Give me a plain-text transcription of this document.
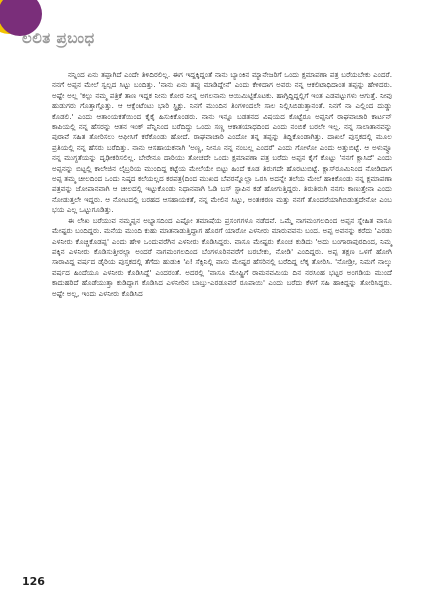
ಲಲಿತ ಪ್ರಬಂಧ

ನನ್ನಿಂದ ಏನು ತಪ್ಪಾಗಿದೆ ಎಂದೇ ತಿಳಿದಿರಲಿಲ್ಲ. ಈಗ ಇದ್ದಕ್ಕಿದ್ದಂತೆ ನಾನು ಬ್ಯಾಂಕಿನ ಮ್ಯಾನೇಜರಿಗೆ ಒಂದು ಕ್ಷಮಾಪಣಾ ಪತ್ರ ಬರೆಯಬೇಕು ಎಂದರೆ. ನನಗೆ ಅಪ್ಪನ ಮೇಲೆ ಸ್ವಲ್ಪದ ಸಿಟ್ಟು ಬಂದಿತ್ತು. 'ನಾನು ಏನು ತಪ್ಪು ಮಾಡಿದ್ದೇನೆ' ಎಂದು ಕೇಳಿದಾಗ ಅವರು ನನ್ನ ಆಕಲಿಟಾಧಿದಾಂತ ತಪ್ಪನ್ನು ಹೇಳಿದರು. ಅಷ್ಟೇ ಅಲ್ಲ 'ಕಲ್ಪು ನಮ್ಮ ಪತ್ರಿಕೆ ತಾಣ ಇದ್ದಕ ನೀನು ಕೋರ ನೀನ್ನ ಅಗಲನಾನು ಆಯಿಮಿಟ್ಟಿಕೊಟಕು. ಹಾಗ್ಗಿದ್ದಿದ್ದಲ್ಲಿಗೆ ಇಂತ ಎಡವಟ್ಟುಗಳು ಆಗುತ್ತೆ. ನೀವು ಹುಡುಗರು ಗೊತ್ತಾಗ್ಗೊತ್ತು. ಆ ಆಕ್ಸೆಂಟೆಂಟು ಭಾರಿ ಸ್ಟ್ರಿಕ್ಟು. ನಿನಗೆ ಮುಂದಿನ ತಿಂಗಳಿಂದಲೇ ಸಾಲ ನಿಲ್ಲಿಸಿಬಿಡುತ್ತಾನಂತೆ. ನಿನಗೆ ನಾ ಎಲ್ಲಿಂದ ದುಡ್ಡು ಕೊಡಲಿ.' ಎಂದು ಆತಾಂಯಕತೆಯಿಂದ ಕೈಕೈ ಹಿಸುಕಿಕೊಂಡರು. ನಾನು ಇನ್ನೂ ಬಡತನದ ವಿಷಯದ ಕೊಟ್ಟೆರೂ ಅಪ್ಪನಿಗೆ ರಾಘವಾಚಾರಿ ಕಾರ್ಟನ್ ಕಾಪಿಯಲ್ಲಿ ನನ್ನ ಹೆಸರನ್ನು ಆತನ ಇಂಕ್ ಪೆನ್ನಿನಿಂದ ಬರೆದಿದ್ದು ಒಂದು ಸಣ್ಣ ಆಕಾತಯಾಧದಿಂದ ಎಂದು ನಂಬಿಕೆ ಬರಲೇ ಇಲ್ಲ. ನನ್ನ ಸಾಲಾತಾನವನ್ನು ಪುರಾವೆ ಸಹಿತ ತೋರಿಸಲು ಆಫೀಸಿಗೆ ಕರೆಕೊಂಡು ಹೋದೆ. ರಾಘವಾಚಾರಿ ಎಂದೋ ತನ್ನ ತಪ್ಪನ್ನು ತಿದ್ದಿಕೊಂಡಾಗಿತ್ತು. ದಾಖಲೆ ಪುಸ್ತಕದಲ್ಲಿ ಮೂಲ ಪ್ರತಿಯಲ್ಲಿ ನನ್ನ ಹೆಸರು ಬರೆದಿತ್ತು. ನಾನು ಆಸಹಾಯಕನಾಗಿ 'ಅಣ್ಣ, ನೀನೂ ನನ್ನ ನಂಬಲ್ಲ ಎಂದರೆ' ಎಂದು ಗೋಳೋ ಎಂದು ಅತ್ತುಬಿಟ್ಟೆ. ಆ ಅಳುವ್ವೂ ನನ್ನ ಮುಗ್ಧತೆಯನ್ನು ದೃಢೀಕರಿಸಲಿಲ್ಲ. ಬೇರೇನೂ ದಾರಿಯು ತೋಚದೇ ಒಂದು ಕ್ಷಮಾಪಣಾ ಪತ್ರ ಬರೆದು ಅಪ್ಪನ ಕೈಗೆ ಕೊಟ್ಟು 'ನನಗೆ ಕ್ಲಾಸಿದೆ' ಎಂದು ಅಪ್ಪನನ್ನು ಬಿಟ್ಟಲ್ಲಿ ಕಾಲೇಜಿನ ಲೈಬ್ರರಿಯ ಮುಂದಿದ್ದ ಕಟ್ಟೆಯ ಮೇಲೆಯೇ ಬಿಟ್ಟು ಹಿಂದೆ ಕೂಡ ತಿರುಗದೇ ಹೊರಟುಬಿಟ್ಟೆ. ಕ್ಲಾಸ್‌ರೂಮಿನಿಂದ ನೋಡಿದಾಗ ಅಪ್ಪ ತಮ್ಮ ಚೀಲದಿಂದ ಒಂದು ನಿಷ್ಠದ ಕಲೆಯಲ್ಲದ ಕರಪತ್ರ(ದಿಂದ ಮುಖದ ಬೆವರನ್ನೊಲ್ಲಾ ಒರಸಿ ಅದನ್ನೇ ತಲೆಯ ಮೇಲೆ ಹಾಕಿಕೊಂಡು ನನ್ನ ಕ್ಷಮಾಪಣಾ ಪತ್ರವನ್ನು ಜೋಪಾನವಾಗಿ ಆ ಚೀಲದಲ್ಲಿ ಇಟ್ಟುಕೊಂಡು ನಿಧಾನವಾಗಿ ಓಡಿ ಬಸ್ ಸ್ಟಾಪಿನ ಕಡೆ ಹೋಗುತ್ತಿದ್ದರು. ತಿರುತಿರುಗಿ ನನಗು ಕಾಣುತ್ತೇನಾ ಎಂದು ನೋಡುತ್ತಲೇ ಇದ್ದರು. ಆ ನೋಟದಲ್ಲಿ ಬರಹದ ಆಸಹಾಯಕತೆ, ನನ್ನ ಮೇಲಿನ ಸಿಟ್ಟು, ಅಂತಃಕರಣ ಮತ್ತು ನನಗೆ ತೊಂದರೆಯಾಗಿಬಿಡುತ್ತದೇನೋ ಎಂಬ ಭಯ ಎಲ್ಲ ಒಟ್ಟುಗೂಡಿತ್ತು.

ಈ ಲೇಖ ಬರೆಯುವ ನಮ್ಮಪ್ಪನ ಅಭ್ಯಾಸದಿಂದ ಎಷ್ಟೋ ತಮಾಷೆಯ ಪ್ರಸಂಗಗಳೂ ನಡೆದವೆ. ಒಮ್ಮೆ ನಾಗಮಂಗಲದಿಂದ ಅಪ್ಪನ ಸ್ನೇಹಿತ ವಾಸೂ ಮೇಷ್ಟರು ಬಂದಿದ್ದರು. ಮನೆಯ ಮುಂದಿ ಕುಹು ಮಾತನಾಡುತ್ತಿದ್ದಾಗ ಹೊರಗೆ ಯಾರೋ ಎಳನೀರು ಮಾರುವವನು ಬಂದ. ಅಪ್ಪ ಅವನನ್ನು ಕರೆದು 'ಎರಡು ಎಳನೀರು ಕೊಚ್ಚಿಕೊಡಪ್ಪ' ಎಂದು ಹೇಳಿ ಒಂದುವರೆಗಿನ ಎಳನೀರು ಕೊಡಿಸಿದ್ದರು. ವಾಸೂ ಮೇಷ್ಟರು ಕೊಂಚ ಕುಡಿದು 'ಅದು ಬಂಗಾರಾಪುರದಿಂದ, ನಿಮ್ಮ ಪಕ್ಕಿನ ಎಳನೀರು ಕೊಡಿಸುತ್ತೀರಲ್ಲಾ ಅಂದರೆ ನಾಗಮಂಗಲದಿಂದ ಬೆಂಗಳೂರಿನವರೆಗೆ ಬರಬೇಕು, ನೋಡಿ' ಎಂದಿದ್ದರು. ಅಪ್ಪ ತಕ್ಷಣ ಒಳಗೆ ಹೋಗಿ ಸಾರಾವಿದ್ದ ವರ್ಷದ ಡೈರಿಯ ಪುಸ್ತಕದಲ್ಲಿ ತೆಗೆದು ಹುಡುಕಿ 'ಏ! ಸೆಕ್ಸಿನಿಲ್ಲಿ ವಾಸು ಮೇಷ್ಟರ ಹೆಸರಿನಲ್ಲಿ ಬರೆದಿದ್ದ ಲೆಕ್ಕ ತೋರಿಸಿ. 'ನೋಡ್ರೀ, ನಿಮಗೆ ನಾಲ್ಕು ವರ್ಷದ ಹಿಂದೆಯೂ ಎಳನೀರು ಕೊಡಿಸಿದ್ದೆ' ಎಂದರಂತೆ. ಅದರಲ್ಲಿ 'ವಾಸೂ ಮೇಷ್ಟ್ರಿಗೆ ರಾಮನವಮಿಯ ದಿನ ನರಸಿಂಹ ಭಟ್ಟರ ಅಂಗಡಿಯ ಮುಂದೆ ಕಾದುಹರಿದೆ ಹೊಡೆಯುತ್ತಾ ಕುಡಿದ್ದಾಗ ಕೊಡಿಸಿದ ಎಳನೀರಿನ ಬಾಬ್ತು-ಎರಡೂವರೆ ರೂಪಾಯಿ' ಎಂದು ಬರೆದು ಕೆಳಗೆ ಸಹಿ ಹಾಕಿದ್ದನ್ನು ತೋರಿಸಿದ್ದರು. ಅಷ್ಟೇ ಅಲ್ಲ, ಇಂದು ಎಳನೀರು ಕೊಡಿಸಿದ

126
